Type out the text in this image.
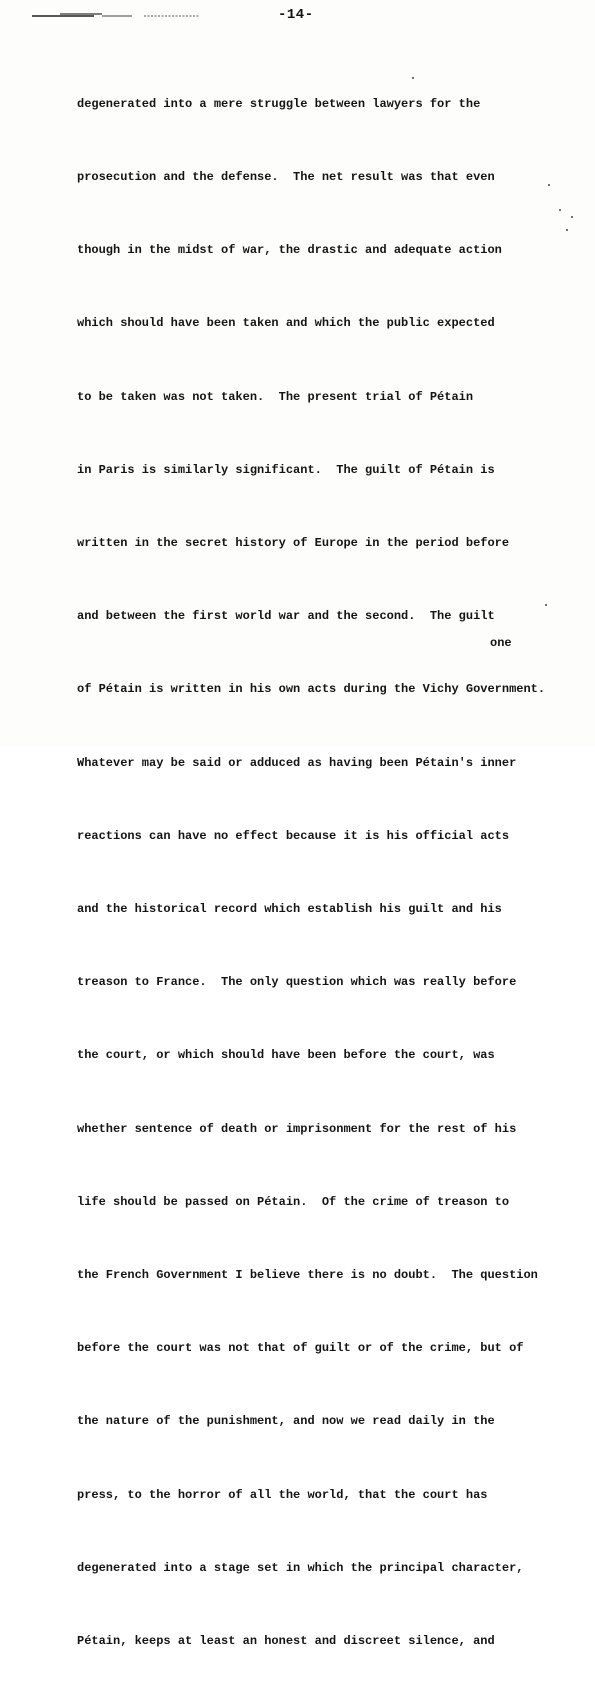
-14-

degenerated into a mere struggle between lawyers for the

prosecution and the defense.  The net result was that even

though in the midst of war, the drastic and adequate action

which should have been taken and which the public expected

to be taken was not taken.  The present trial of Pétain

in Paris is similarly significant.  The guilt of Pétain is

written in the secret history of Europe in the period before

and between the first world war and the second.  The guilt

of Pétain is written in his own acts during the Vichy Government.

Whatever may be said or adduced as having been Pétain's inner

reactions can have no effect because it is his official acts

and the historical record which establish his guilt and his

treason to France.  The only question which was really before

the court, or which should have been before the court, was

whether sentence of death or imprisonment for the rest of his

life should be passed on Pétain.  Of the crime of treason to

the French Government I believe there is no doubt.  The question

before the court was not that of guilt or of the crime, but of

the nature of the punishment, and now we read daily in the

press, to the horror of all the world, that the court has

degenerated into a stage set in which the principal character,

Pétain, keeps at least an honest and discreet silence, and

one
